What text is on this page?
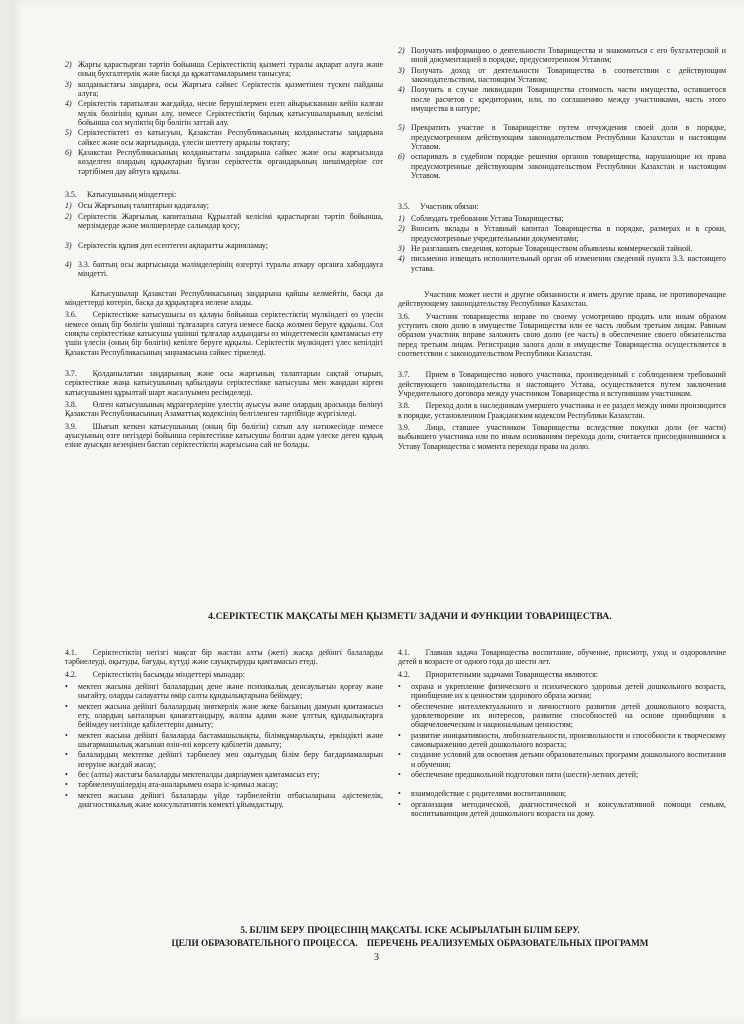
2) Жарғы қарастырған тәртіп бойынша Серіктестіктің қызметі туралы ақпарат алуға және оның бухгалтерлік және басқа да құжаттамаларымен танысуға;
3) колданыстағы заңдарға, осы Жарғыға сәйкес Серіктестік қызметінен түскен пайданы алуға;
4) Серіктестік таратылған жағдайда, несие берушілермен есеп айырысканнан кейін калған мүлік бөлігінің құнын алу, немесе Серіктестіктің барлық катысушыларының келісімі бойынша сол мүліктің бір бөлігін заттай алу.
5) Серіктестіктегі өз катысуын, Қазакстан Республикасының колданыстағы заңдарына сәйкес және осы жарғыдында, үлесін шеттету арқылы тоқтату;
6) Қазакстан Республикасының колданыстағы заңдарына сәйкес және осы жарғысында көзделген олардың құқықтарын бұзған серіктестік органдарының шешімдеріне сот тәртібімен дау айтуға құқылы.
3.5. Катысушының міндеттері:
1) Осы Жарғының талаптарын қадағалау;
2) Серіктестік Жарғылық капиталына Құрылтай келісімі қарастырған тәртіп бойынша, мерзімдерде және мөлшерлерде салымдар қосу;
3) Серіктестік құпия деп есептеген ақпаратты жарияламау;
4) 3.3. баптың осы жарғысында мәлімделерінің өзгертуі туралы аткару органға хабардауға міндетті.
Катысушылар Қазакстан Республикасының заңдарына қайшы келмейтін, басқа да міндеттерді көтеріп, басқа да құқықтарға иелене алады.
3.6.  Серіктестікке катысушысы өз қалауы бойынша серіктестіктің мүлкіндегі өз үлесін немесе оның бір бөлігін үшінші тұлғаларга сатуға немесе басқа жолмен беруге құқылы. Сол сияқты серіктестікке катысушы үшінші тұлғалар алдындағы өз міндеттемесін қамтамасыз ету үшін үлесін (оның бір бөлігін) кепілге беруге құқылы. Серіктестік мүлкіндегі үлес кепілдігі Қазакстан Республикасының заңнамасына сәйкес тіркеледі.
3.7.  Қолданылатын заңдарының және осы жарғының талаптарын сақтай отырып, серіктестікке жаңа катысушының қабылдауы серіктестікке катысушы мен жаңадан кірген катысушымен құрылтай шарт жасалуымен ресімделеді.
3.8.  Өлген катысушының мұрагерлеріне үлестің ауысуы және олардың арасында бөлінуі Қазакстан Республикасының Азаматтық кодексінің белгіленген тәртібінде жүргізіледі.
3.9.  Шығып кеткен катысушының (оның бір бөлігін) сатып алу нәтижесінде немесе ауысуының өзге негіздері бойынша серіктестікке катысушы болған адам үлеске деген құқық езіне ауысқан кезеңінен бастап серіктестіктің жарғысына сай не болады.
2) Получать информацию о деятельности Товарищества и знакомиться с его бухгалтерской и иной документацией в порядке, предусмотренном Уставом;
3) Получать доход от деятельности Товарищества в соответствии с действующим законодательством, настоящим Уставом;
4) Получить в случае ликвидации Товарищества стоимость части имущества, оставшегося после расчетов с кредиторами, или, по соглашению между участниками, часть этого имущества в натуре;
5) Прекратить участие в Товариществе путем отчуждения своей доли в порядке, предусмотренном действующим законодательством Республики Казахстан и настоящим Уставом.
6) оспаривать в судебном порядке решения органов товарищества, нарушающие их права предусмотренные действующим законодательством Республики Казахстан и настоящим Уставом.
3.5. Участник обязан:
1) Соблюдать требования Устава Товарищества;
2) Вносить вклады в Уставный капитал Товарищества в порядке, размерах и в сроки, предусмотренные учредительными документами;
3) Не разглашать сведения, которые Товариществом объявлены коммерческой тайной.
4) письменно извещать исполнительный орган об изменении сведений пункта 3.3. настоящего устава.
Участник может нести и другие обязанности и иметь другие права, не противоречащие действующему законодательству Республики Казахстан.
3.6.  Участник товарищества вправе по своему усмотрению продать или иным образом уступить свою долю в имуществе Товарищества или ее часть любым третьим лицам. Равным образом участник вправе заложить свою долю (ее часть) в обеспечение своего обязательства перед третьим лицам. Регистрация залога доли в имуществе Товарищества осуществляется в соответствии с законодательством Республики Казахстан.
3.7.  Прием в Товарищество нового участника, произведенный с соблюдением требований действующего законодательства и настоящего Устава, осуществляется путем заключения Учредительного договора между участником Товарищества и вступившим участником.
3.8.  Переход доли к наследникам умершего участника и ее раздел между ними производится в порядке, установленном Гражданским кодексом Республики Казахстан.
3.9.  Лицо, ставшее участником Товарищества вследствие покупки доли (ее части) выбывшего участника или по иным основаниям перехода доли, считается присоединившимся к Уставу Товарищества с момента перехода права на долю.
4.СЕРІКТЕСТІК МАҚСАТЫ МЕН ҚЫЗМЕТІ/ ЗАДАЧИ И ФУНКЦИИ ТОВАРИЩЕСТВА.
4.1.  Серіктестіктің негізгі мақсат бір жастан алты (жеті) жасқа дейінгі балаларды тәрбиелеуді, оқытуды, бағуды, күтуді және сауықтыруды қамтамасыз етеді.
4.2.  Серіктестіктің басымды міндеттері мынадар:
• мектеп жасына дейінгі балалардың дене және психикалық денсаулығын қорғау және нығайту, оларды салауатты өмір салты құндылықтарына бейімдеу;
• мектеп жасына дейінгі балалардың зияткерлік және жеке басының дамуын қамтамасыз ету, олардың ынталарын қанағаттандыру, жалпы адами және ұлттық құндылықтарға бейімдеу негізінде қабілеттерін дамыту;
• мектеп жасына дейінгі балаларда бастамашылықты, білімқұмарлықты, еркіндікті және шығармашылық жағынан өзін-өзі көрсету қабілетін дамыту;
• балалардың мектепке дейінгі тәрбиелеу мен оқытудың білім беру бағдарламаларын игеруіне жағдай жасау;
• бес (алты) жастағы балаларды мектепалды даярлаумен қамтамасыз ету;
• тәрбиеленушілердің ата-аналарымен өзара іс-қимыл жасау;
• мектеп жасына дейінгі балаларды үйде тәрбиелейтін отбасыларына әдістемелік, диагностикалық және консультативтік көмекті ұйымдастыру.
4.1.  Главная задача Товарищества воспитание, обучение, присмотр, уход и оздоровление детей в возрасте от одного года до шести лет.
4.2.  Приоритетными задачами Товарищества являются:
• охрана и укрепление физического и психического здоровья детей дошкольного возраста, приобщение их к ценностям здорового образа жизни;
• обеспечение интеллектуального и личностного развития детей дошкольного возраста, удовлетворение их интересов, развитие способностей на основе приобщения к общечеловеческим и национальным ценностям;
• развитие инициативности, любознательности, произвольности и способности к творческому самовыражению детей дошкольного возраста;
• создание условий для освоения детьми образовательных программ дошкольного воспитания и обучения;
• обеспечение предшкольной подготовки пяти (шести)-летних детей;
• взаимодействие с родителями воспитанников;
• организация методической, диагностической и консультативной помощи семьям, воспитывающим детей дошкольного возраста на дому.
5. БІЛІМ БЕРУ ПРОЦЕСІНІҢ МАҚСАТЫ. ІСКЕ АСЫРЫЛАТЫН БІЛІМ БЕРУ.
ЦЕЛИ ОБРАЗОВАТЕЛЬНОГО ПРОЦЕССА. ПЕРЕЧЕНЬ РЕАЛИЗУЕМЫХ ОБРАЗОВАТЕЛЬНЫХ ПРОГРАММ
3
